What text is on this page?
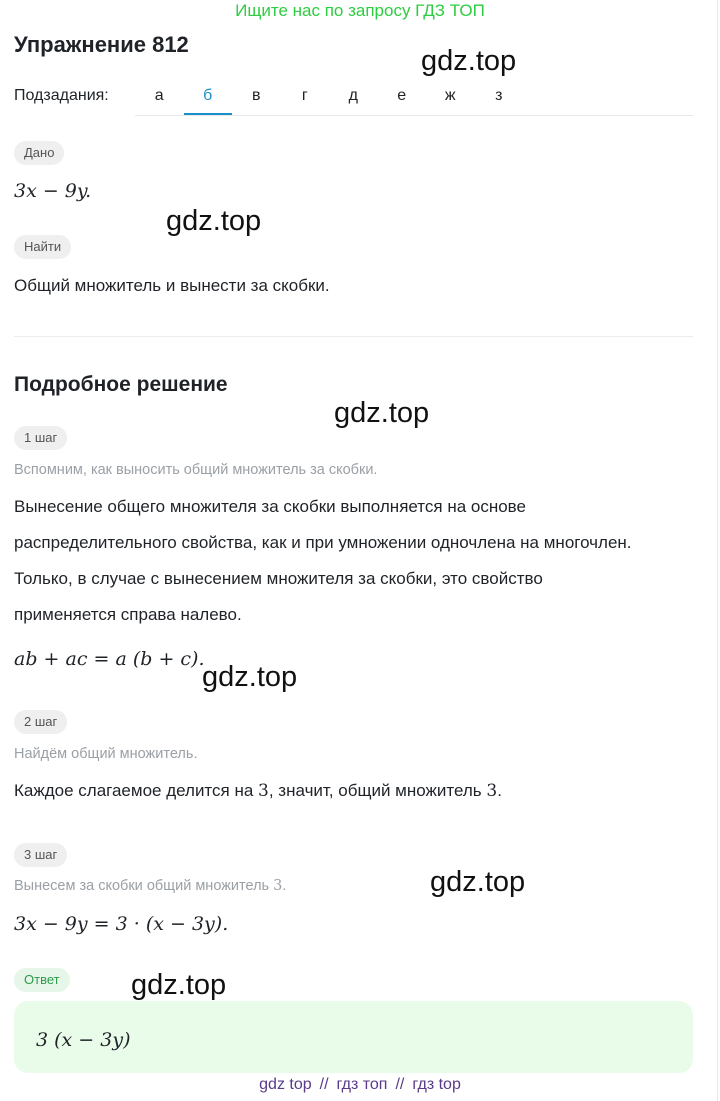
Ищите нас по запросу ГДЗ ТОП
Упражнение 812
Подзадания:	а	б	в	г	д	е	ж	з
Дано
3x − 9y.
Найти
Общий множитель и вынести за скобки.
Подробное решение
1 шаг
Вспомним, как выносить общий множитель за скобки.
Вынесение общего множителя за скобки выполняется на основе
распределительного свойства, как и при умножении одночлена на многочлен.
Только, в случае с вынесением множителя за скобки, это свойство
применяется справа налево.
ab + ac = a (b + c).
2 шаг
Найдём общий множитель.
Каждое слагаемое делится на 3, значит, общий множитель 3.
3 шаг
Вынесем за скобки общий множитель 3.
3x − 9y = 3 · (x − 3y).
Ответ
3 (x − 3y)
gdz.top
gdz.top
gdz.top
gdz.top
gdz.top
gdz.top
gdz top // гдз топ // гдз top
